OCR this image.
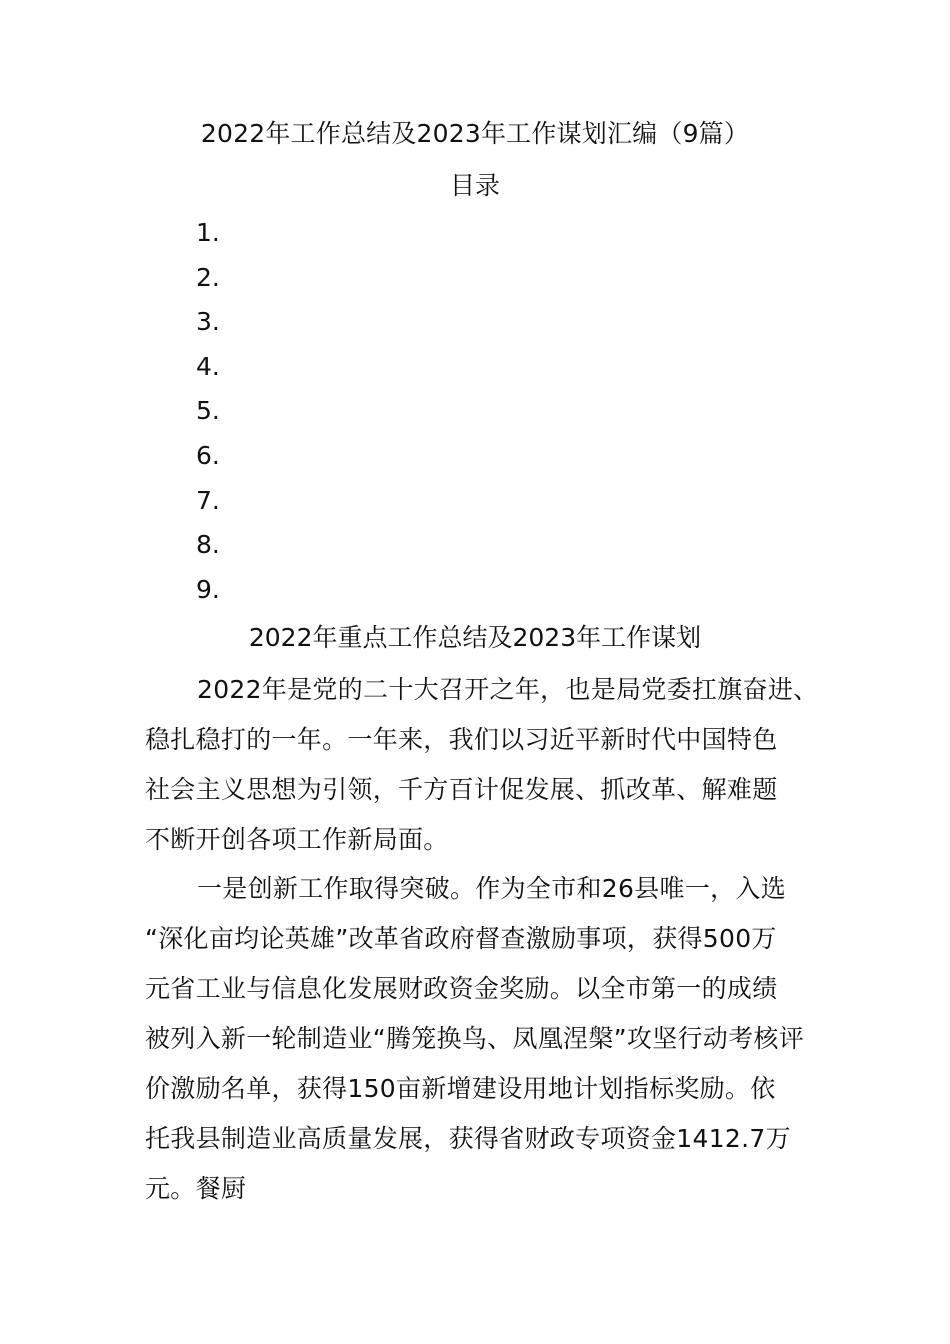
2022年工作总结及2023年工作谋划汇编（9篇）
目录
1.
2.
3.
4.
5.
6.
7.
8.
9.
2022年重点工作总结及2023年工作谋划

2022年是党的二十大召开之年，也是局党委扛旗奋进、
稳扎稳打的一年。一年来，我们以习近平新时代中国特色
社会主义思想为引领，千方百计促发展、抓改革、解难题
不断开创各项工作新局面。

一是创新工作取得突破。作为全市和26县唯一，入选
“深化亩均论英雄”改革省政府督查激励事项，获得500万
元省工业与信息化发展财政资金奖励。以全市第一的成绩
被列入新一轮制造业“腾笼换鸟、凤凰涅槃”攻坚行动考核评
价激励名单，获得150亩新增建设用地计划指标奖励。依
托我县制造业高质量发展，获得省财政专项资金1412.7万
元。餐厨
